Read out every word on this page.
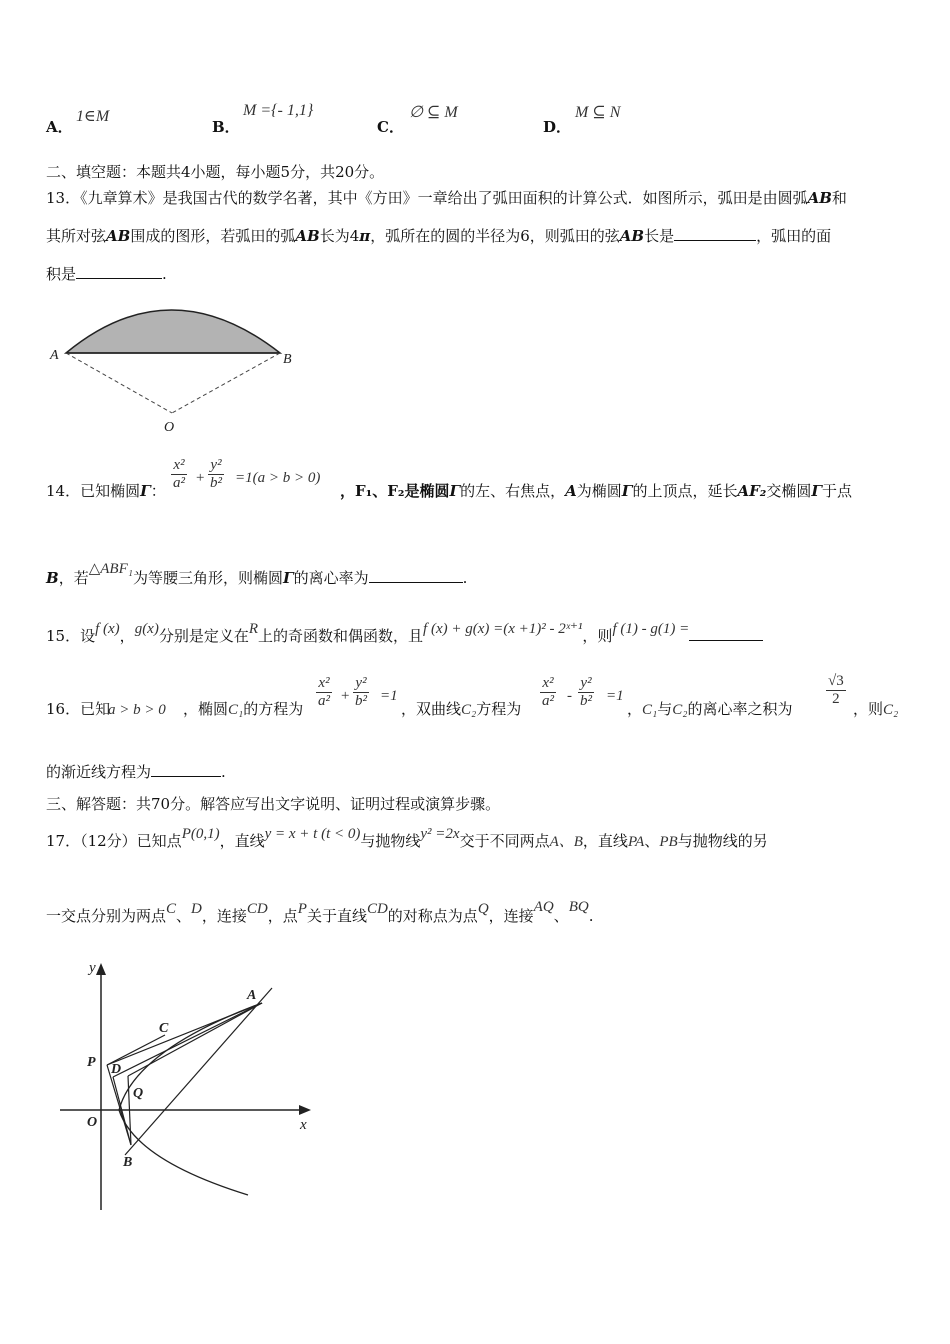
A．
1∈M
B．
M ={- 1,1}
C．
∅ ⊆ M
D．
M ⊆ N
二、填空题：本题共4小题，每小题5分，共20分。
13．《九章算术》是我国古代的数学名著，其中《方田》一章给出了弧田面积的计算公式．如图所示，弧田是由圆弧AB和
其所对弦AB围成的图形，若弧田的弧AB长为4π，弧所在的圆的半径为6，则弧田的弦AB长是	，弧田的面
积是	.
A	B
O
14．已知椭圆Γ： $\frac{\text{x²}}{\text{a²}} + \frac{\text{y²}}{\text{b²}} =1(a > b > 0)$
，F₁、F₂是椭圆Γ的左、右焦点，A为椭圆Γ的上顶点，延长AF₂交椭圆Γ于点
B，若△ABF₁为等腰三角形，则椭圆Γ的离心率为	.
15．设f (x)，g(x)分别是定义在R上的奇函数和偶函数，且f (x) + g(x) =(x +1)² - 2ˣ⁺¹，则f (1) - g(1) =
16．已知
a > b > 0 ，椭圆C₁的方程为 $\frac{\text{x²}}{\text{a²}} + \frac{\text{y²}}{\text{b²}} =1$
，双曲线C₂方程为 $\frac{\text{x²}}{\text{a²}} - \frac{\text{y²}}{\text{b²}} =1$
，C₁与C₂的离心率之积为
$\frac{√3}{2}$
，则C₂
的渐近线方程为	.
三、解答题：共70分。解答应写出文字说明、证明过程或演算步骤。
17．（12分）已知点P(0,1)，直线y = x + t (t < 0)与抛物线y² =2x交于不同两点A、B，直线PA、PB与抛物线的另
一交点分别为两点C、D，连接CD，点P关于直线CD的对称点为点Q，连接AQ、BQ.
y
x
A
C
P D
Q
O
B
